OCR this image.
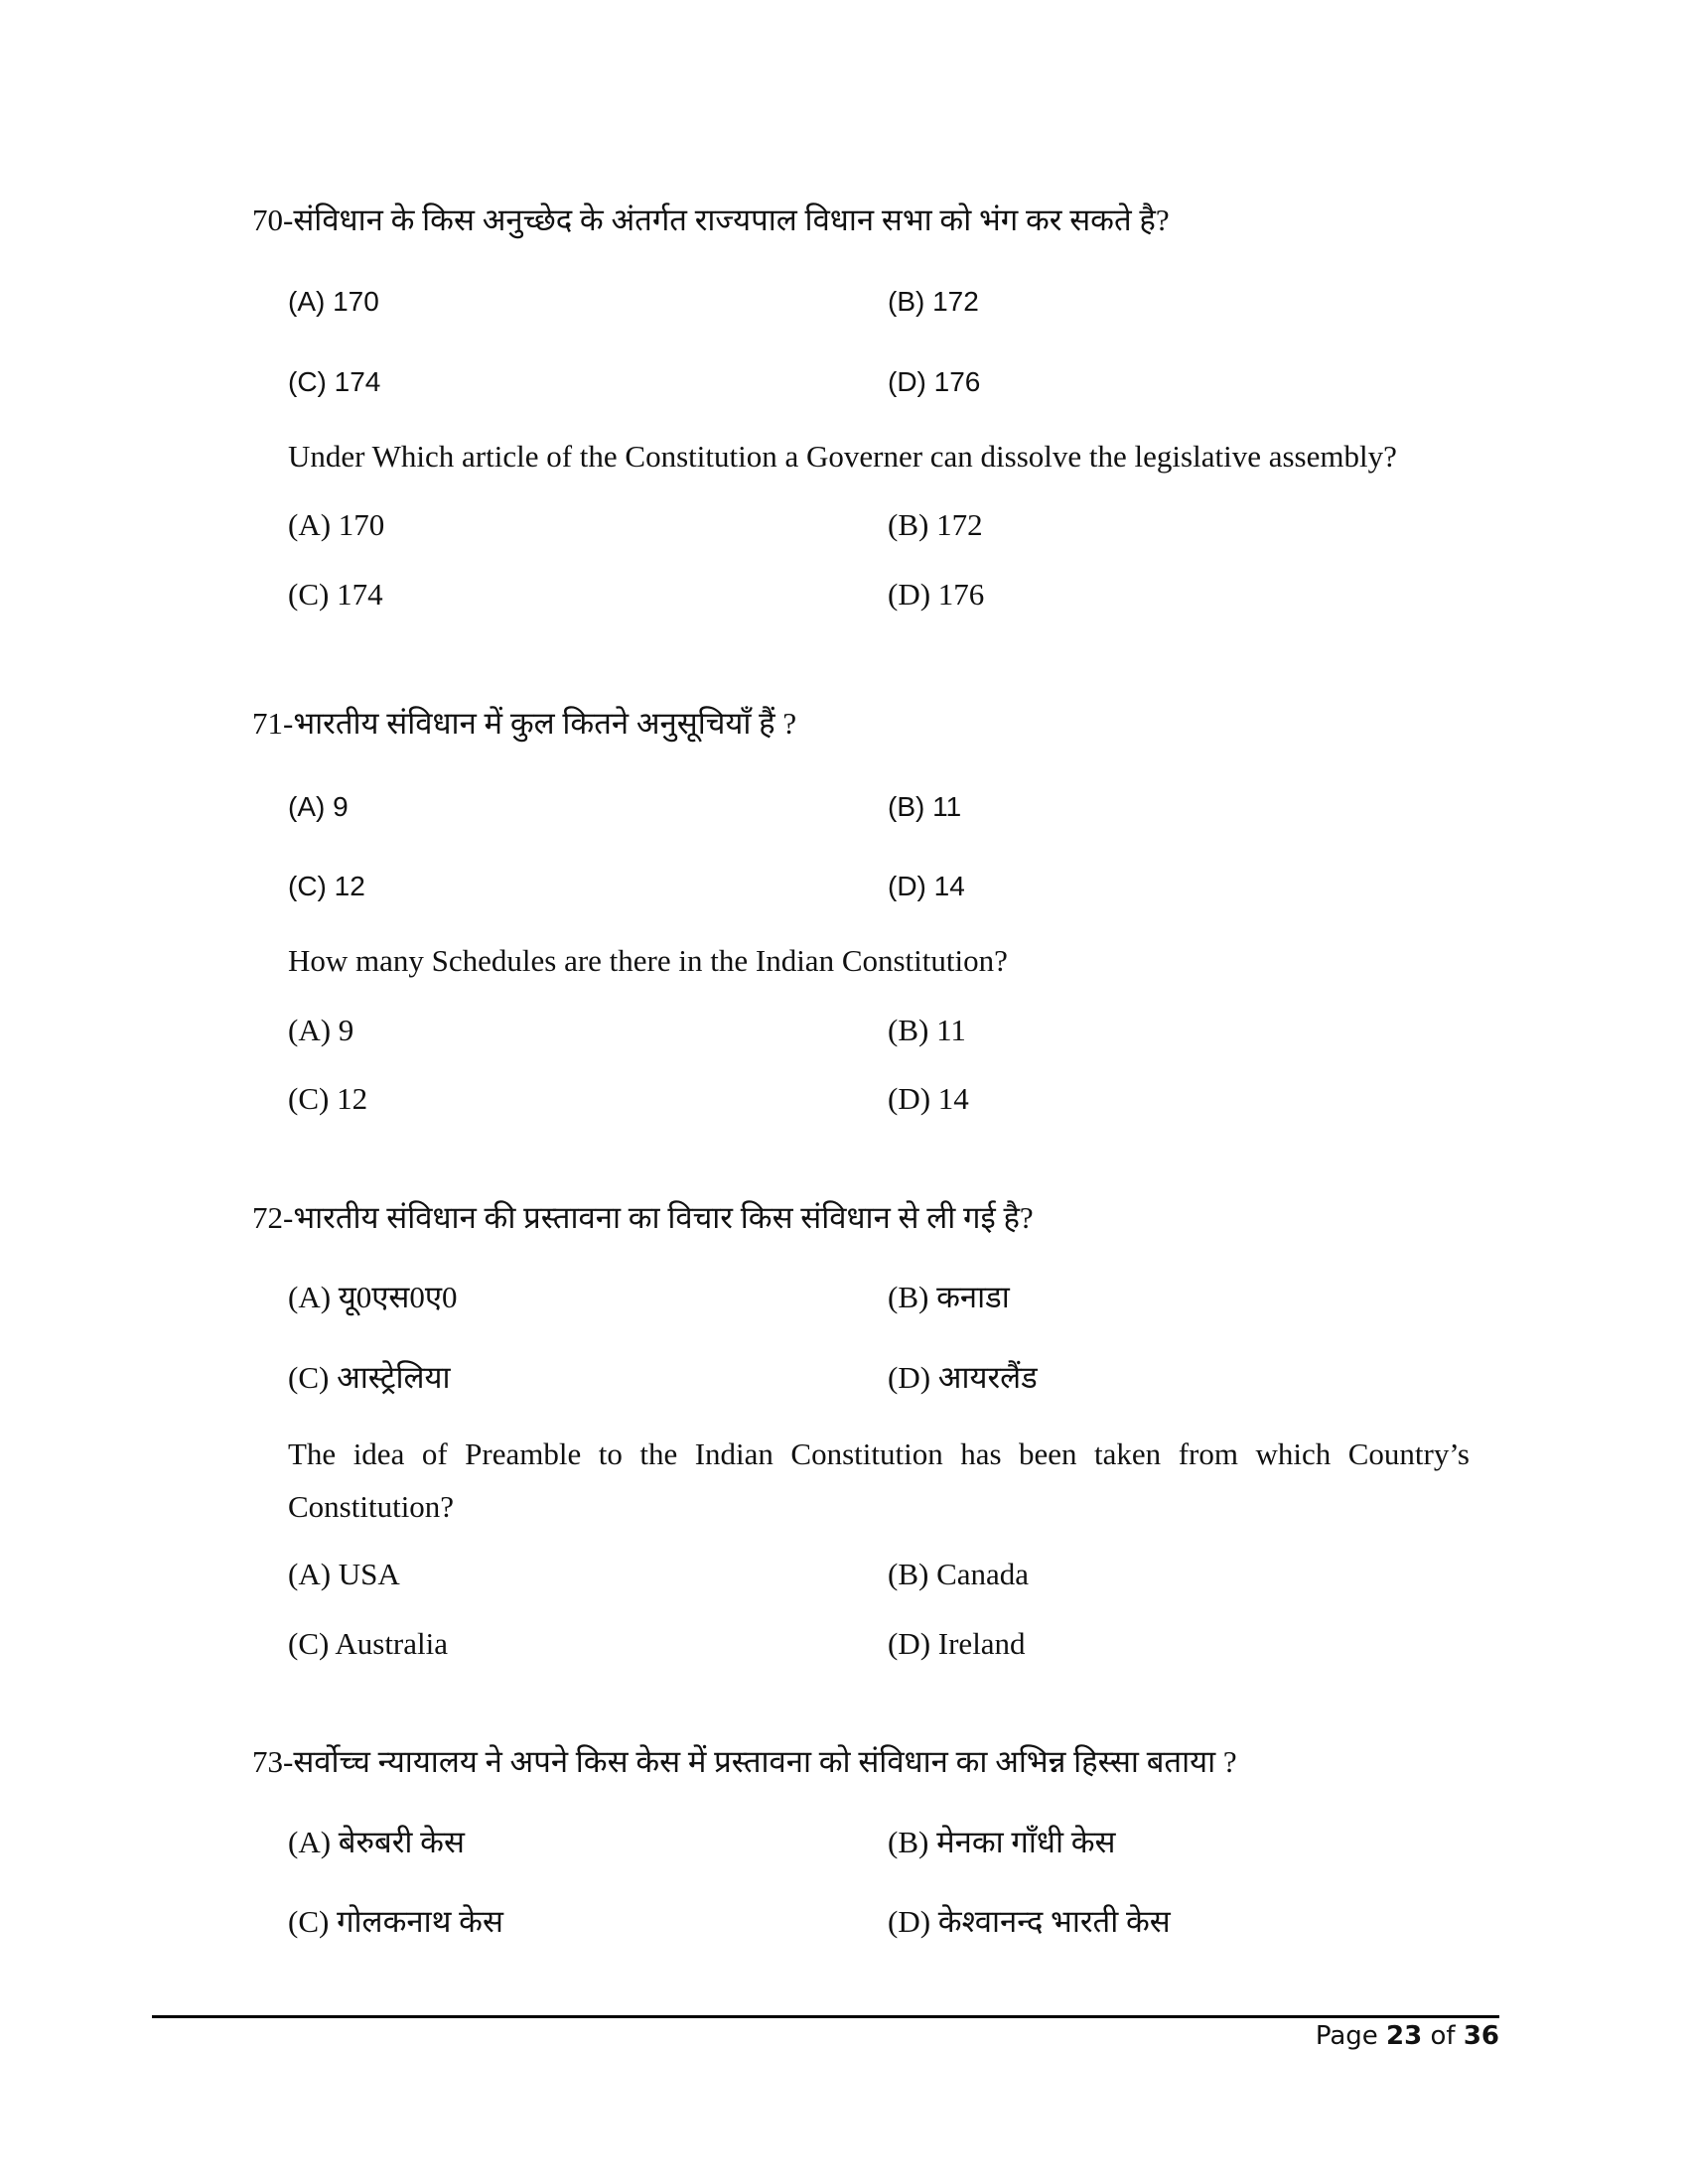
70-संविधान के किस अनुच्छेद के अंतर्गत राज्यपाल विधान सभा को भंग कर सकते है?
(A) 170	(B) 172
(C) 174	(D) 176
Under Which article of the Constitution a Governer can dissolve the legislative assembly?
(A) 170	(B) 172
(C) 174	(D) 176
71-भारतीय संविधान में कुल कितने अनुसूचियाँ हैं ?
(A) 9	(B) 11
(C) 12	(D) 14
How many Schedules are there in the Indian Constitution?
(A) 9	(B) 11
(C) 12	(D) 14
72-भारतीय संविधान की प्रस्तावना का विचार किस संविधान से ली गई है?
(A) यू0एस0ए0	(B) कनाडा
(C) आस्ट्रेलिया	(D) आयरलैंड
The idea of Preamble to the Indian Constitution has been taken from which Country’s
Constitution?
(A) USA	(B) Canada
(C) Australia	(D) Ireland
73-सर्वोच्च न्यायालय ने अपने किस केस में प्रस्तावना को संविधान का अभिन्न हिस्सा बताया ?
(A) बेरुबरी केस	(B) मेनका गाँधी केस
(C) गोलकनाथ केस	(D) केश्वानन्द भारती केस
Page 23 of 36
